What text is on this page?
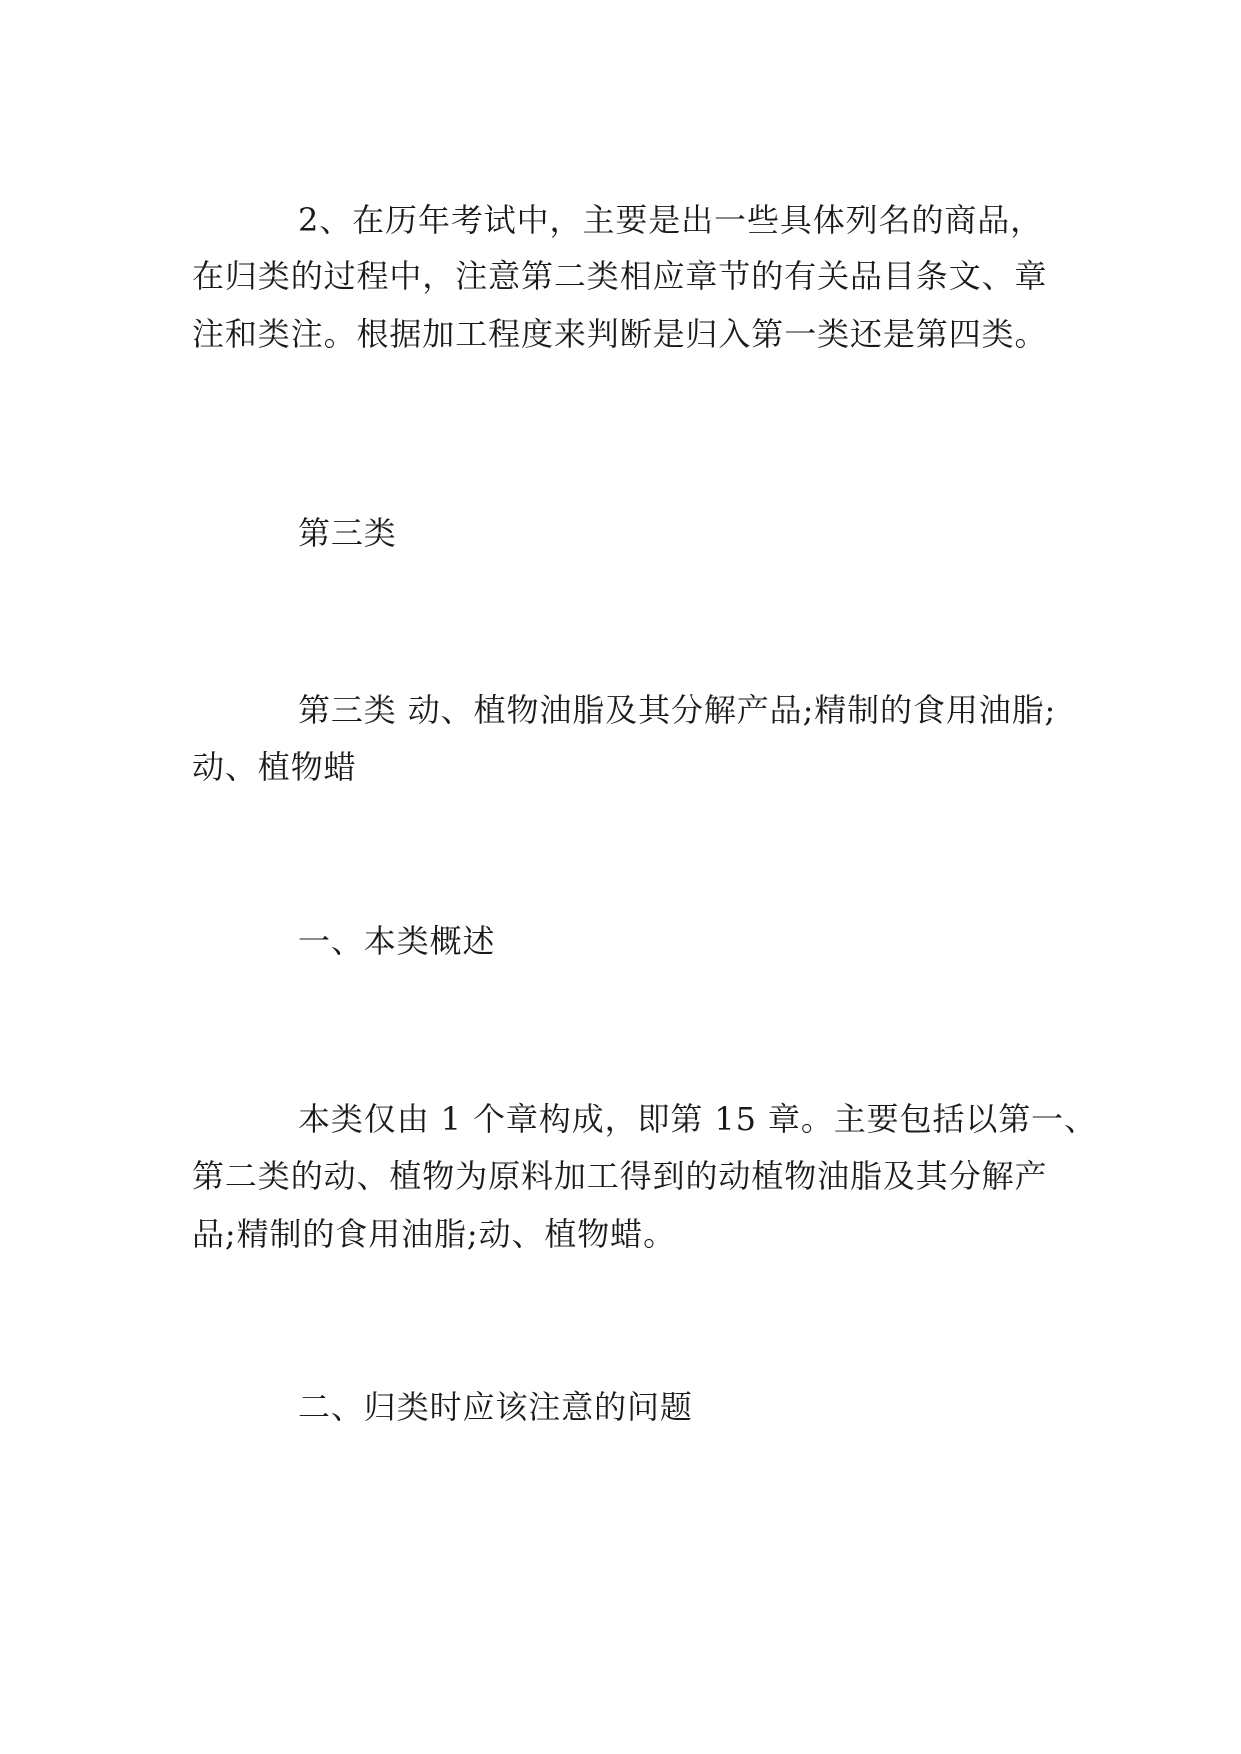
2、在历年考试中，主要是出一些具体列名的商品，

在归类的过程中，注意第二类相应章节的有关品目条文、章

注和类注。根据加工程度来判断是归入第一类还是第四类。

第三类

第三类 动、植物油脂及其分解产品;精制的食用油脂;

动、植物蜡

一、本类概述

本类仅由 1 个章构成，即第 15 章。主要包括以第一、

第二类的动、植物为原料加工得到的动植物油脂及其分解产

品;精制的食用油脂;动、植物蜡。

二、归类时应该注意的问题
